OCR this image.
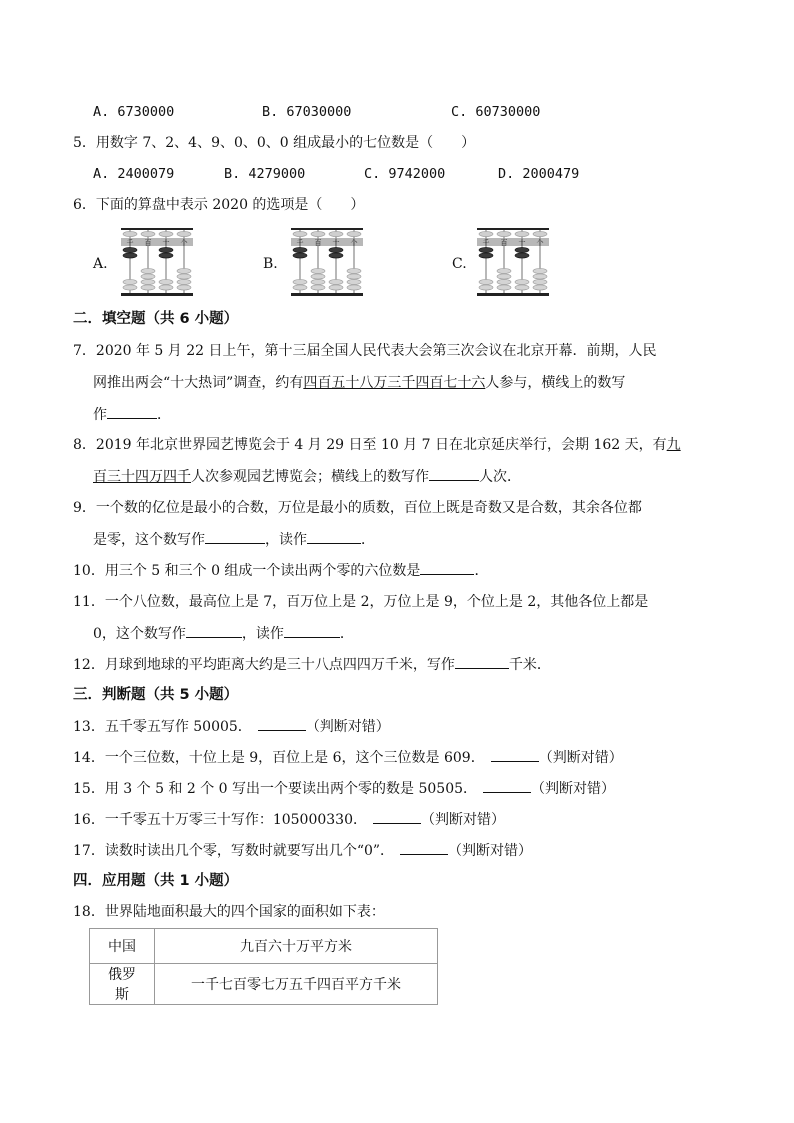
A. 6730000	B. 67030000	C. 60730000
5．用数字 7、2、4、9、0、0、0 组成最小的七位数是（　　）
A. 2400079	B. 4279000	C. 9742000	D. 2000479
6．下面的算盘中表示 2020 的选项是（　　）
A.
千 百 十 个
B.
千 百 十 个
C.
千 百 十 个
二．填空题（共 6 小题）
7．2020 年 5 月 22 日上午，第十三届全国人民代表大会第三次会议在北京开幕．前期，人民
网推出两会“十大热词”调查，约有四百五十八万三千四百七十六人参与，横线上的数写
作	．
8．2019 年北京世界园艺博览会于 4 月 29 日至 10 月 7 日在北京延庆举行，会期 162 天，有九
百三十四万四千人次参观园艺博览会；横线上的数写作	人次．
9．一个数的亿位是最小的合数，万位是最小的质数，百位上既是奇数又是合数，其余各位都
是零，这个数写作	，读作	．
10．用三个 5 和三个 0 组成一个读出两个零的六位数是	．
11．一个八位数，最高位上是 7，百万位上是 2，万位上是 9，个位上是 2，其他各位上都是
0，这个数写作	，读作	．
12．月球到地球的平均距离大约是三十八点四四万千米，写作	千米．
三．判断题（共 5 小题）
13．五千零五写作 50005．	（判断对错）
14．一个三位数，十位上是 9，百位上是 6，这个三位数是 609．	（判断对错）
15．用 3 个 5 和 2 个 0 写出一个要读出两个零的数是 50505．	（判断对错）
16．一千零五十万零三十写作：105000330．	（判断对错）
17．读数时读出几个零，写数时就要写出几个“0”．	（判断对错）
四．应用题（共 1 小题）
18．世界陆地面积最大的四个国家的面积如下表：
中国	九百六十万平方米
俄罗斯	一千七百零七万五千四百平方千米
